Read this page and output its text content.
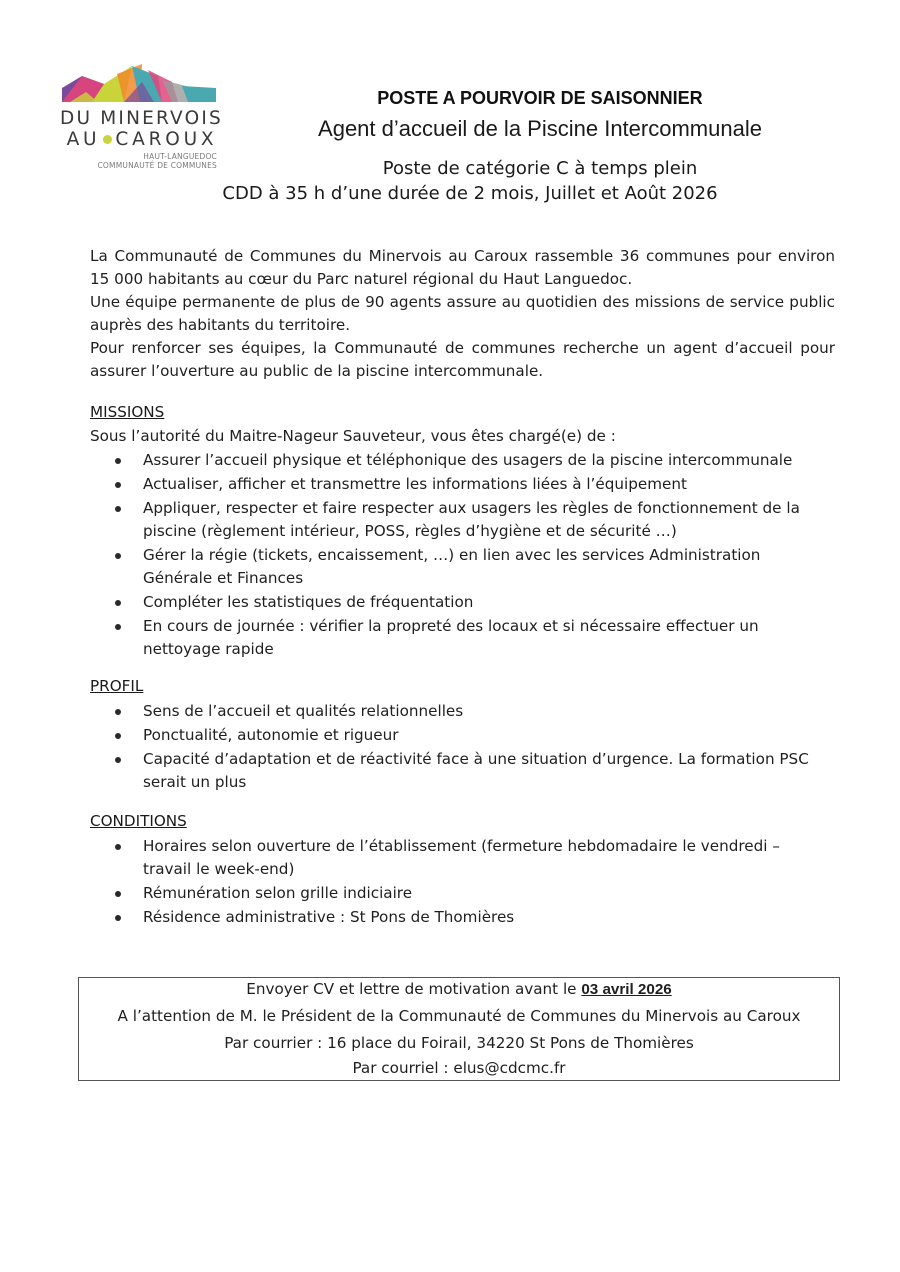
DU MINERVOIS
AU CAROUX
HAUT-LANGUEDOC
COMMUNAUTÉ DE COMMUNES
POSTE A POURVOIR DE SAISONNIER
Agent d’accueil de la Piscine Intercommunale
Poste de catégorie C à temps plein
CDD à 35 h d’une durée de 2 mois, Juillet et Août 2026
La Communauté de Communes du Minervois au Caroux rassemble 36 communes pour environ 15 000 habitants au cœur du Parc naturel régional du Haut Languedoc.
Une équipe permanente de plus de 90 agents assure au quotidien des missions de service public auprès des habitants du territoire.
Pour renforcer ses équipes, la Communauté de communes recherche un agent d’accueil pour assurer l’ouverture au public de la piscine intercommunale.
MISSIONS
Sous l’autorité du Maitre-Nageur Sauveteur, vous êtes chargé(e) de :
Assurer l’accueil physique et téléphonique des usagers de la piscine intercommunale
Actualiser, afficher et transmettre les informations liées à l’équipement
Appliquer, respecter et faire respecter aux usagers les règles de fonctionnement de la piscine (règlement intérieur, POSS, règles d’hygiène et de sécurité …)
Gérer la régie (tickets, encaissement, …) en lien avec les services Administration Générale et Finances
Compléter les statistiques de fréquentation
En cours de journée : vérifier la propreté des locaux et si nécessaire effectuer un nettoyage rapide
PROFIL
Sens de l’accueil et qualités relationnelles
Ponctualité, autonomie et rigueur
Capacité d’adaptation et de réactivité face à une situation d’urgence. La formation PSC serait un plus
CONDITIONS
Horaires selon ouverture de l’établissement (fermeture hebdomadaire le vendredi – travail le week-end)
Rémunération selon grille indiciaire
Résidence administrative : St Pons de Thomières
Envoyer CV et lettre de motivation avant le 03 avril 2026
A l’attention de M. le Président de la Communauté de Communes du Minervois au Caroux
Par courrier : 16 place du Foirail, 34220 St Pons de Thomières
Par courriel : elus@cdcmc.fr
